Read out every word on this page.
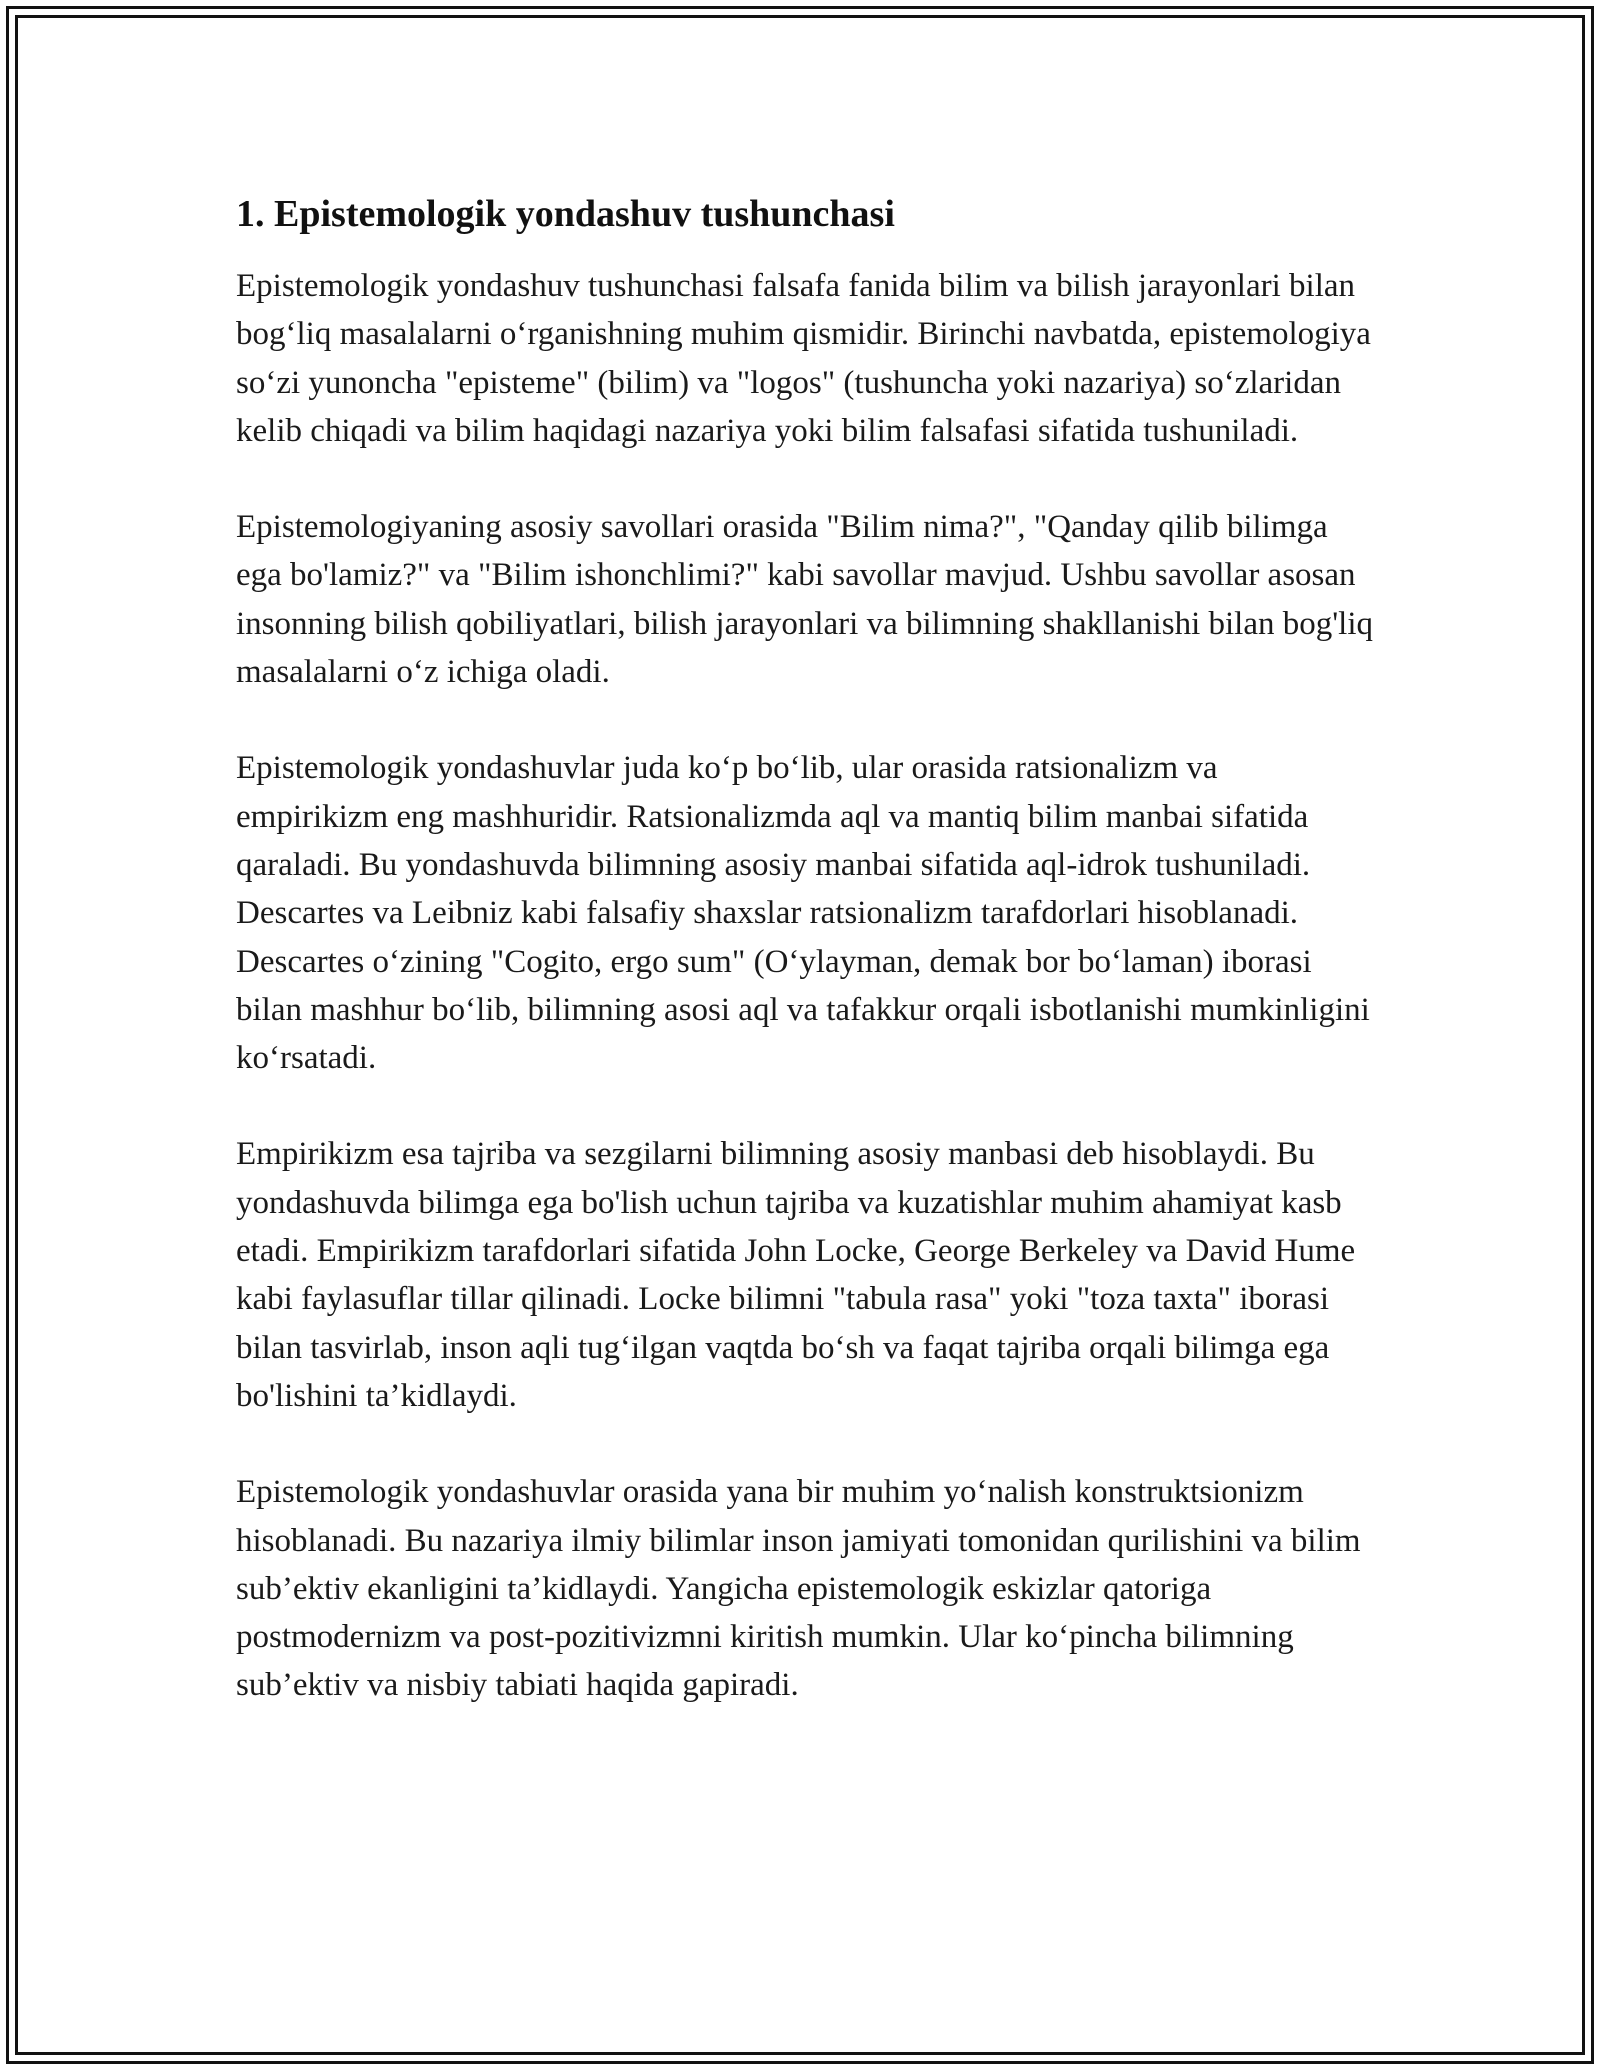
1. Epistemologik yondashuv tushunchasi

Epistemologik yondashuv tushunchasi falsafa fanida bilim va bilish jarayonlari bilan bog‘liq masalalarni o‘rganishning muhim qismidir. Birinchi navbatda, epistemologiya so‘zi yunoncha "episteme" (bilim) va "logos" (tushuncha yoki nazariya) so‘zlaridan kelib chiqadi va bilim haqidagi nazariya yoki bilim falsafasi sifatida tushuniladi.

Epistemologiyaning asosiy savollari orasida "Bilim nima?", "Qanday qilib bilimga ega bo'lamiz?" va "Bilim ishonchlimi?" kabi savollar mavjud. Ushbu savollar asosan insonning bilish qobiliyatlari, bilish jarayonlari va bilimning shakllanishi bilan bog'liq masalalarni o‘z ichiga oladi.

Epistemologik yondashuvlar juda ko‘p bo‘lib, ular orasida ratsionalizm va empirikizm eng mashhuridir. Ratsionalizmda aql va mantiq bilim manbai sifatida qaraladi. Bu yondashuvda bilimning asosiy manbai sifatida aql-idrok tushuniladi. Descartes va Leibniz kabi falsafiy shaxslar ratsionalizm tarafdorlari hisoblanadi. Descartes o‘zining "Cogito, ergo sum" (O‘ylayman, demak bor bo‘laman) iborasi bilan mashhur bo‘lib, bilimning asosi aql va tafakkur orqali isbotlanishi mumkinligini ko‘rsatadi.

Empirikizm esa tajriba va sezgilarni bilimning asosiy manbasi deb hisoblaydi. Bu yondashuvda bilimga ega bo'lish uchun tajriba va kuzatishlar muhim ahamiyat kasb etadi. Empirikizm tarafdorlari sifatida John Locke, George Berkeley va David Hume kabi faylasuflar tillar qilinadi. Locke bilimni "tabula rasa" yoki "toza taxta" iborasi bilan tasvirlab, inson aqli tug‘ilgan vaqtda bo‘sh va faqat tajriba orqali bilimga ega bo'lishini ta’kidlaydi.

Epistemologik yondashuvlar orasida yana bir muhim yo‘nalish konstruktsionizm hisoblanadi. Bu nazariya ilmiy bilimlar inson jamiyati tomonidan qurilishini va bilim sub’ektiv ekanligini ta’kidlaydi. Yangicha epistemologik eskizlar qatoriga postmodernizm va post-pozitivizmni kiritish mumkin. Ular ko‘pincha bilimning sub’ektiv va nisbiy tabiati haqida gapiradi.
